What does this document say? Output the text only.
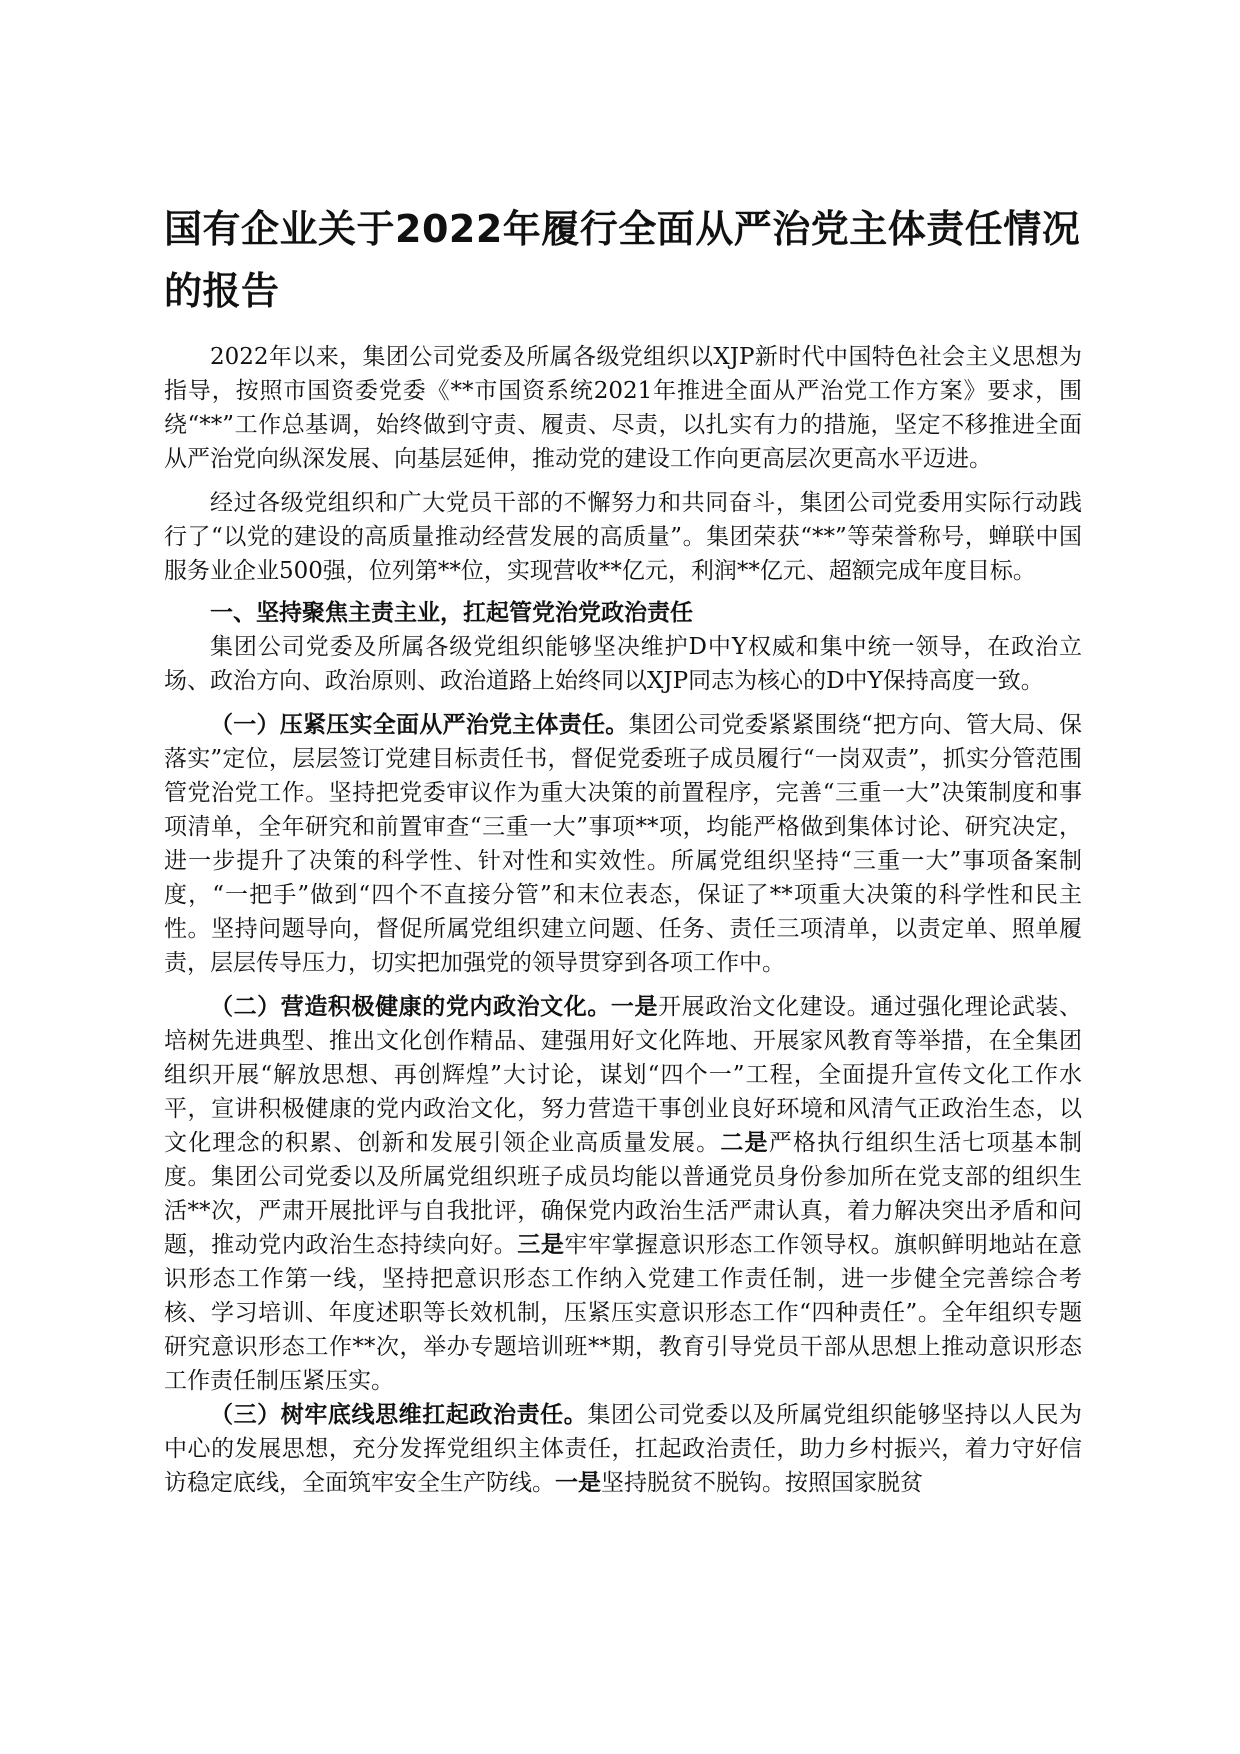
国有企业关于2022年履行全面从严治党主体责任情况的报告

2022年以来，集团公司党委及所属各级党组织以XJP新时代中国特色社会主义思想为指导，按照市国资委党委《**市国资系统2021年推进全面从严治党工作方案》要求，围绕“**”工作总基调，始终做到守责、履责、尽责，以扎实有力的措施，坚定不移推进全面从严治党向纵深发展、向基层延伸，推动党的建设工作向更高层次更高水平迈进。

经过各级党组织和广大党员干部的不懈努力和共同奋斗，集团公司党委用实际行动践行了“以党的建设的高质量推动经营发展的高质量”。集团荣获“**”等荣誉称号，蝉联中国服务业企业500强，位列第**位，实现营收**亿元，利润**亿元、超额完成年度目标。

一、坚持聚焦主责主业，扛起管党治党政治责任

集团公司党委及所属各级党组织能够坚决维护D中Y权威和集中统一领导，在政治立场、政治方向、政治原则、政治道路上始终同以XJP同志为核心的D中Y保持高度一致。

（一）压紧压实全面从严治党主体责任。集团公司党委紧紧围绕“把方向、管大局、保落实”定位，层层签订党建目标责任书，督促党委班子成员履行“一岗双责”，抓实分管范围管党治党工作。坚持把党委审议作为重大决策的前置程序，完善“三重一大”决策制度和事项清单，全年研究和前置审查“三重一大”事项**项，均能严格做到集体讨论、研究决定，进一步提升了决策的科学性、针对性和实效性。所属党组织坚持“三重一大”事项备案制度，“一把手”做到“四个不直接分管”和末位表态，保证了**项重大决策的科学性和民主性。坚持问题导向，督促所属党组织建立问题、任务、责任三项清单，以责定单、照单履责，层层传导压力，切实把加强党的领导贯穿到各项工作中。

（二）营造积极健康的党内政治文化。一是开展政治文化建设。通过强化理论武装、培树先进典型、推出文化创作精品、建强用好文化阵地、开展家风教育等举措，在全集团组织开展“解放思想、再创辉煌”大讨论，谋划“四个一”工程，全面提升宣传文化工作水平，宣讲积极健康的党内政治文化，努力营造干事创业良好环境和风清气正政治生态，以文化理念的积累、创新和发展引领企业高质量发展。二是严格执行组织生活七项基本制度。集团公司党委以及所属党组织班子成员均能以普通党员身份参加所在党支部的组织生活**次，严肃开展批评与自我批评，确保党内政治生活严肃认真，着力解决突出矛盾和问题，推动党内政治生态持续向好。三是牢牢掌握意识形态工作领导权。旗帜鲜明地站在意识形态工作第一线，坚持把意识形态工作纳入党建工作责任制，进一步健全完善综合考核、学习培训、年度述职等长效机制，压紧压实意识形态工作“四种责任”。全年组织专题研究意识形态工作**次，举办专题培训班**期，教育引导党员干部从思想上推动意识形态工作责任制压紧压实。

（三）树牢底线思维扛起政治责任。集团公司党委以及所属党组织能够坚持以人民为中心的发展思想，充分发挥党组织主体责任，扛起政治责任，助力乡村振兴，着力守好信访稳定底线，全面筑牢安全生产防线。一是坚持脱贫不脱钩。按照国家脱贫
